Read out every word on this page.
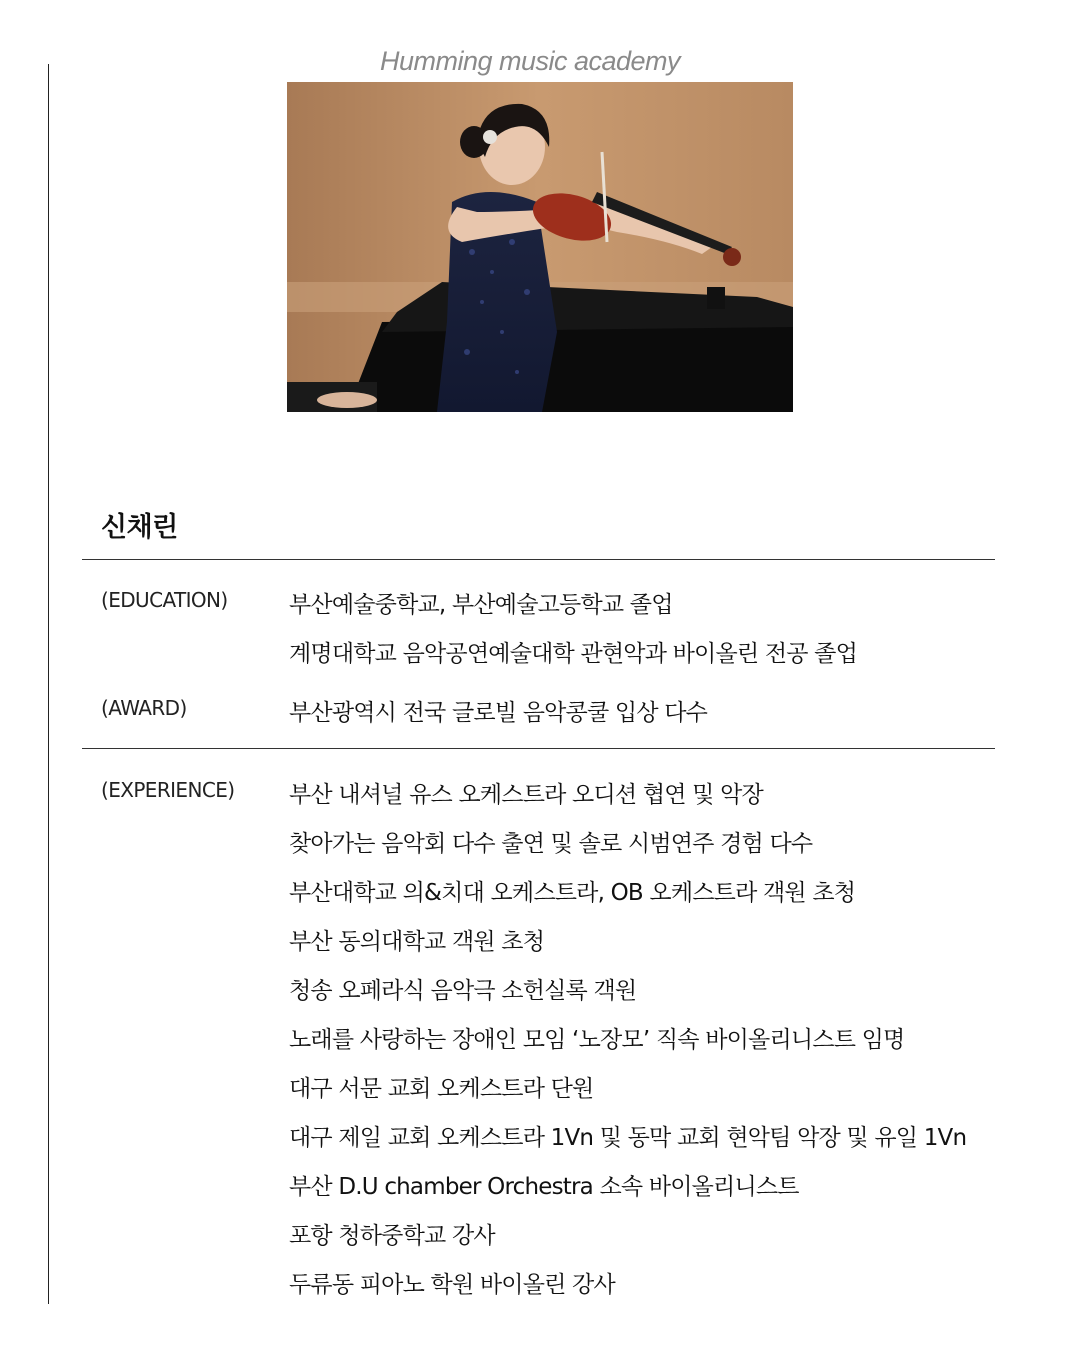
Humming music academy
신채린
(EDUCATION)	부산예술중학교, 부산예술고등학교 졸업
계명대학교 음악공연예술대학 관현악과 바이올린 전공 졸업
(AWARD)	부산광역시 전국 글로빌 음악콩쿨 입상 다수
(EXPERIENCE) 부산 내셔널 유스 오케스트라 오디션 협연 및 악장
찾아가는 음악회 다수 출연 및 솔로 시범연주 경험 다수
부산대학교 의&치대 오케스트라, OB 오케스트라 객원 초청
부산 동의대학교 객원 초청
청송 오페라식 음악극 소헌실록 객원
노래를 사랑하는 장애인 모임 ‘노장모’ 직속 바이올리니스트 임명
대구 서문 교회 오케스트라 단원
대구 제일 교회 오케스트라 1Vn 및 동막 교회 현악팀 악장 및 유일 1Vn
부산 D.U chamber Orchestra 소속 바이올리니스트
포항 청하중학교 강사
두류동 피아노 학원 바이올린 강사
